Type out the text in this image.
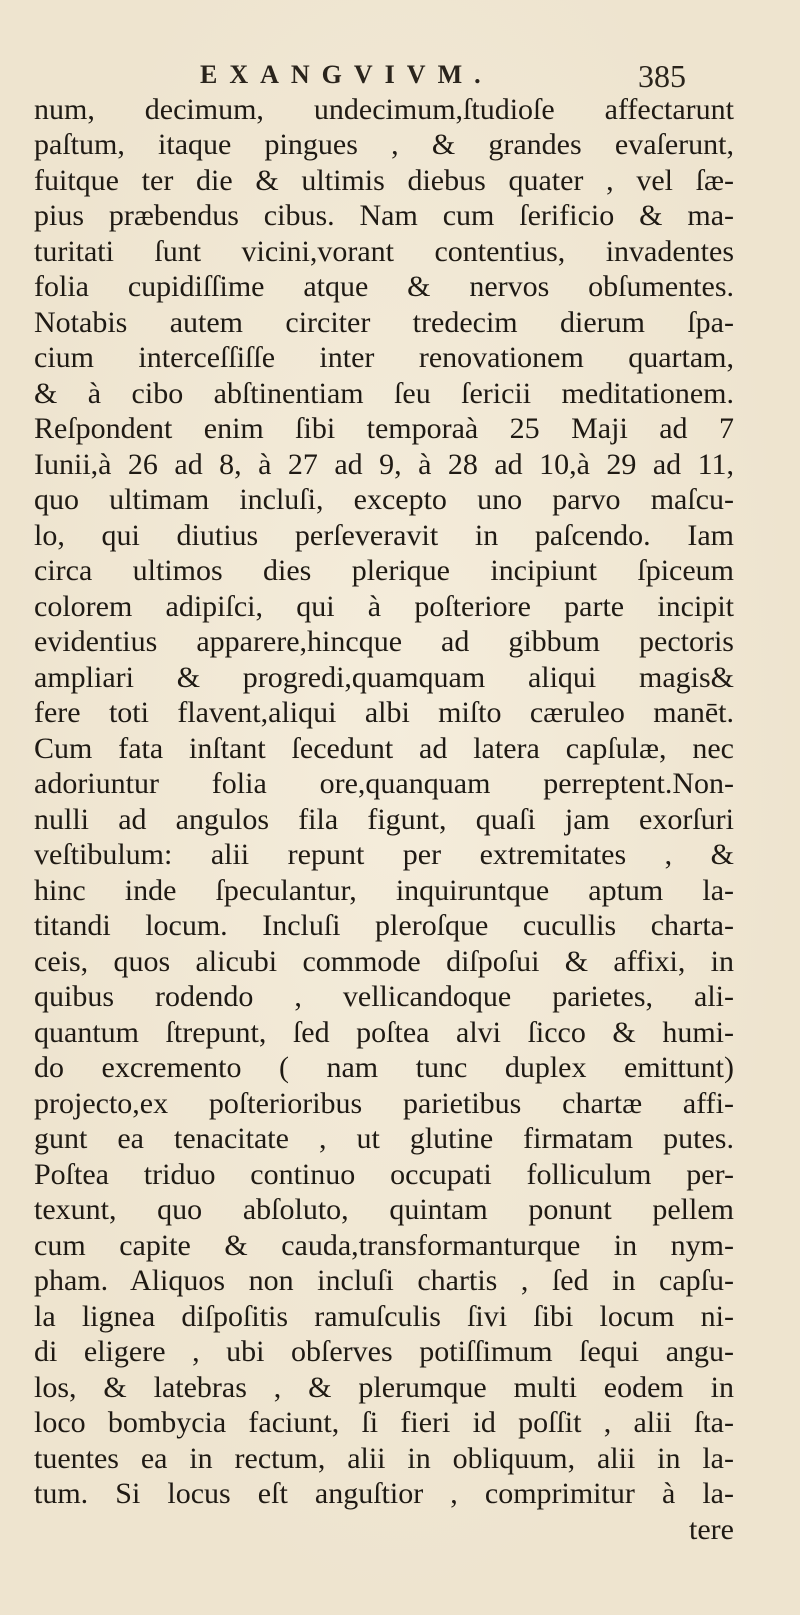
EXANGVIVM.	385
num, decimum, undecimum,ſtudioſe affectarunt
paſtum, itaque pingues , & grandes evaſerunt,
fuitque ter die & ultimis diebus quater , vel ſæ-
pius præbendus cibus. Nam cum ſerificio & ma-
turitati ſunt vicini,vorant contentius, invadentes
folia cupidiſſime atque & nervos obſumentes.
Notabis autem circiter tredecim dierum ſpa-
cium interceſſiſſe inter renovationem quartam,
& à cibo abſtinentiam ſeu ſericii meditationem.
Reſpondent enim ſibi temporaà 25 Maji ad 7
Iunii,à 26 ad 8, à 27 ad 9, à 28 ad 10,à 29 ad 11,
quo ultimam incluſi, excepto uno parvo maſcu-
lo, qui diutius perſeveravit in paſcendo. Iam
circa ultimos dies plerique incipiunt ſpiceum
colorem adipiſci, qui à poſteriore parte incipit
evidentius apparere,hincque ad gibbum pectoris
ampliari & progredi,quamquam aliqui magis&
fere toti flavent,aliqui albi miſto cæruleo manēt.
Cum fata inſtant ſecedunt ad latera capſulæ, nec
adoriuntur folia ore,quanquam perreptent.Non-
nulli ad angulos fila figunt, quaſi jam exorſuri
veſtibulum: alii repunt per extremitates , &
hinc inde ſpeculantur, inquiruntque aptum la-
titandi locum. Incluſi pleroſque cucullis charta-
ceis, quos alicubi commode diſpoſui & affixi, in
quibus rodendo , vellicandoque parietes, ali-
quantum ſtrepunt, ſed poſtea alvi ſicco & humi-
do excremento ( nam tunc duplex emittunt)
projecto,ex poſterioribus parietibus chartæ affi-
gunt ea tenacitate , ut glutine firmatam putes.
Poſtea triduo continuo occupati folliculum per-
texunt, quo abſoluto, quintam ponunt pellem
cum capite & cauda,transformanturque in nym-
pham. Aliquos non incluſi chartis , ſed in capſu-
la lignea diſpoſitis ramuſculis ſivi ſibi locum ni-
di eligere , ubi obſerves potiſſimum ſequi angu-
los, & latebras , & plerumque multi eodem in
loco bombycia faciunt, ſi fieri id poſſit , alii ſta-
tuentes ea in rectum, alii in obliquum, alii in la-
tum. Si locus eſt anguſtior , comprimitur à la-
tere
